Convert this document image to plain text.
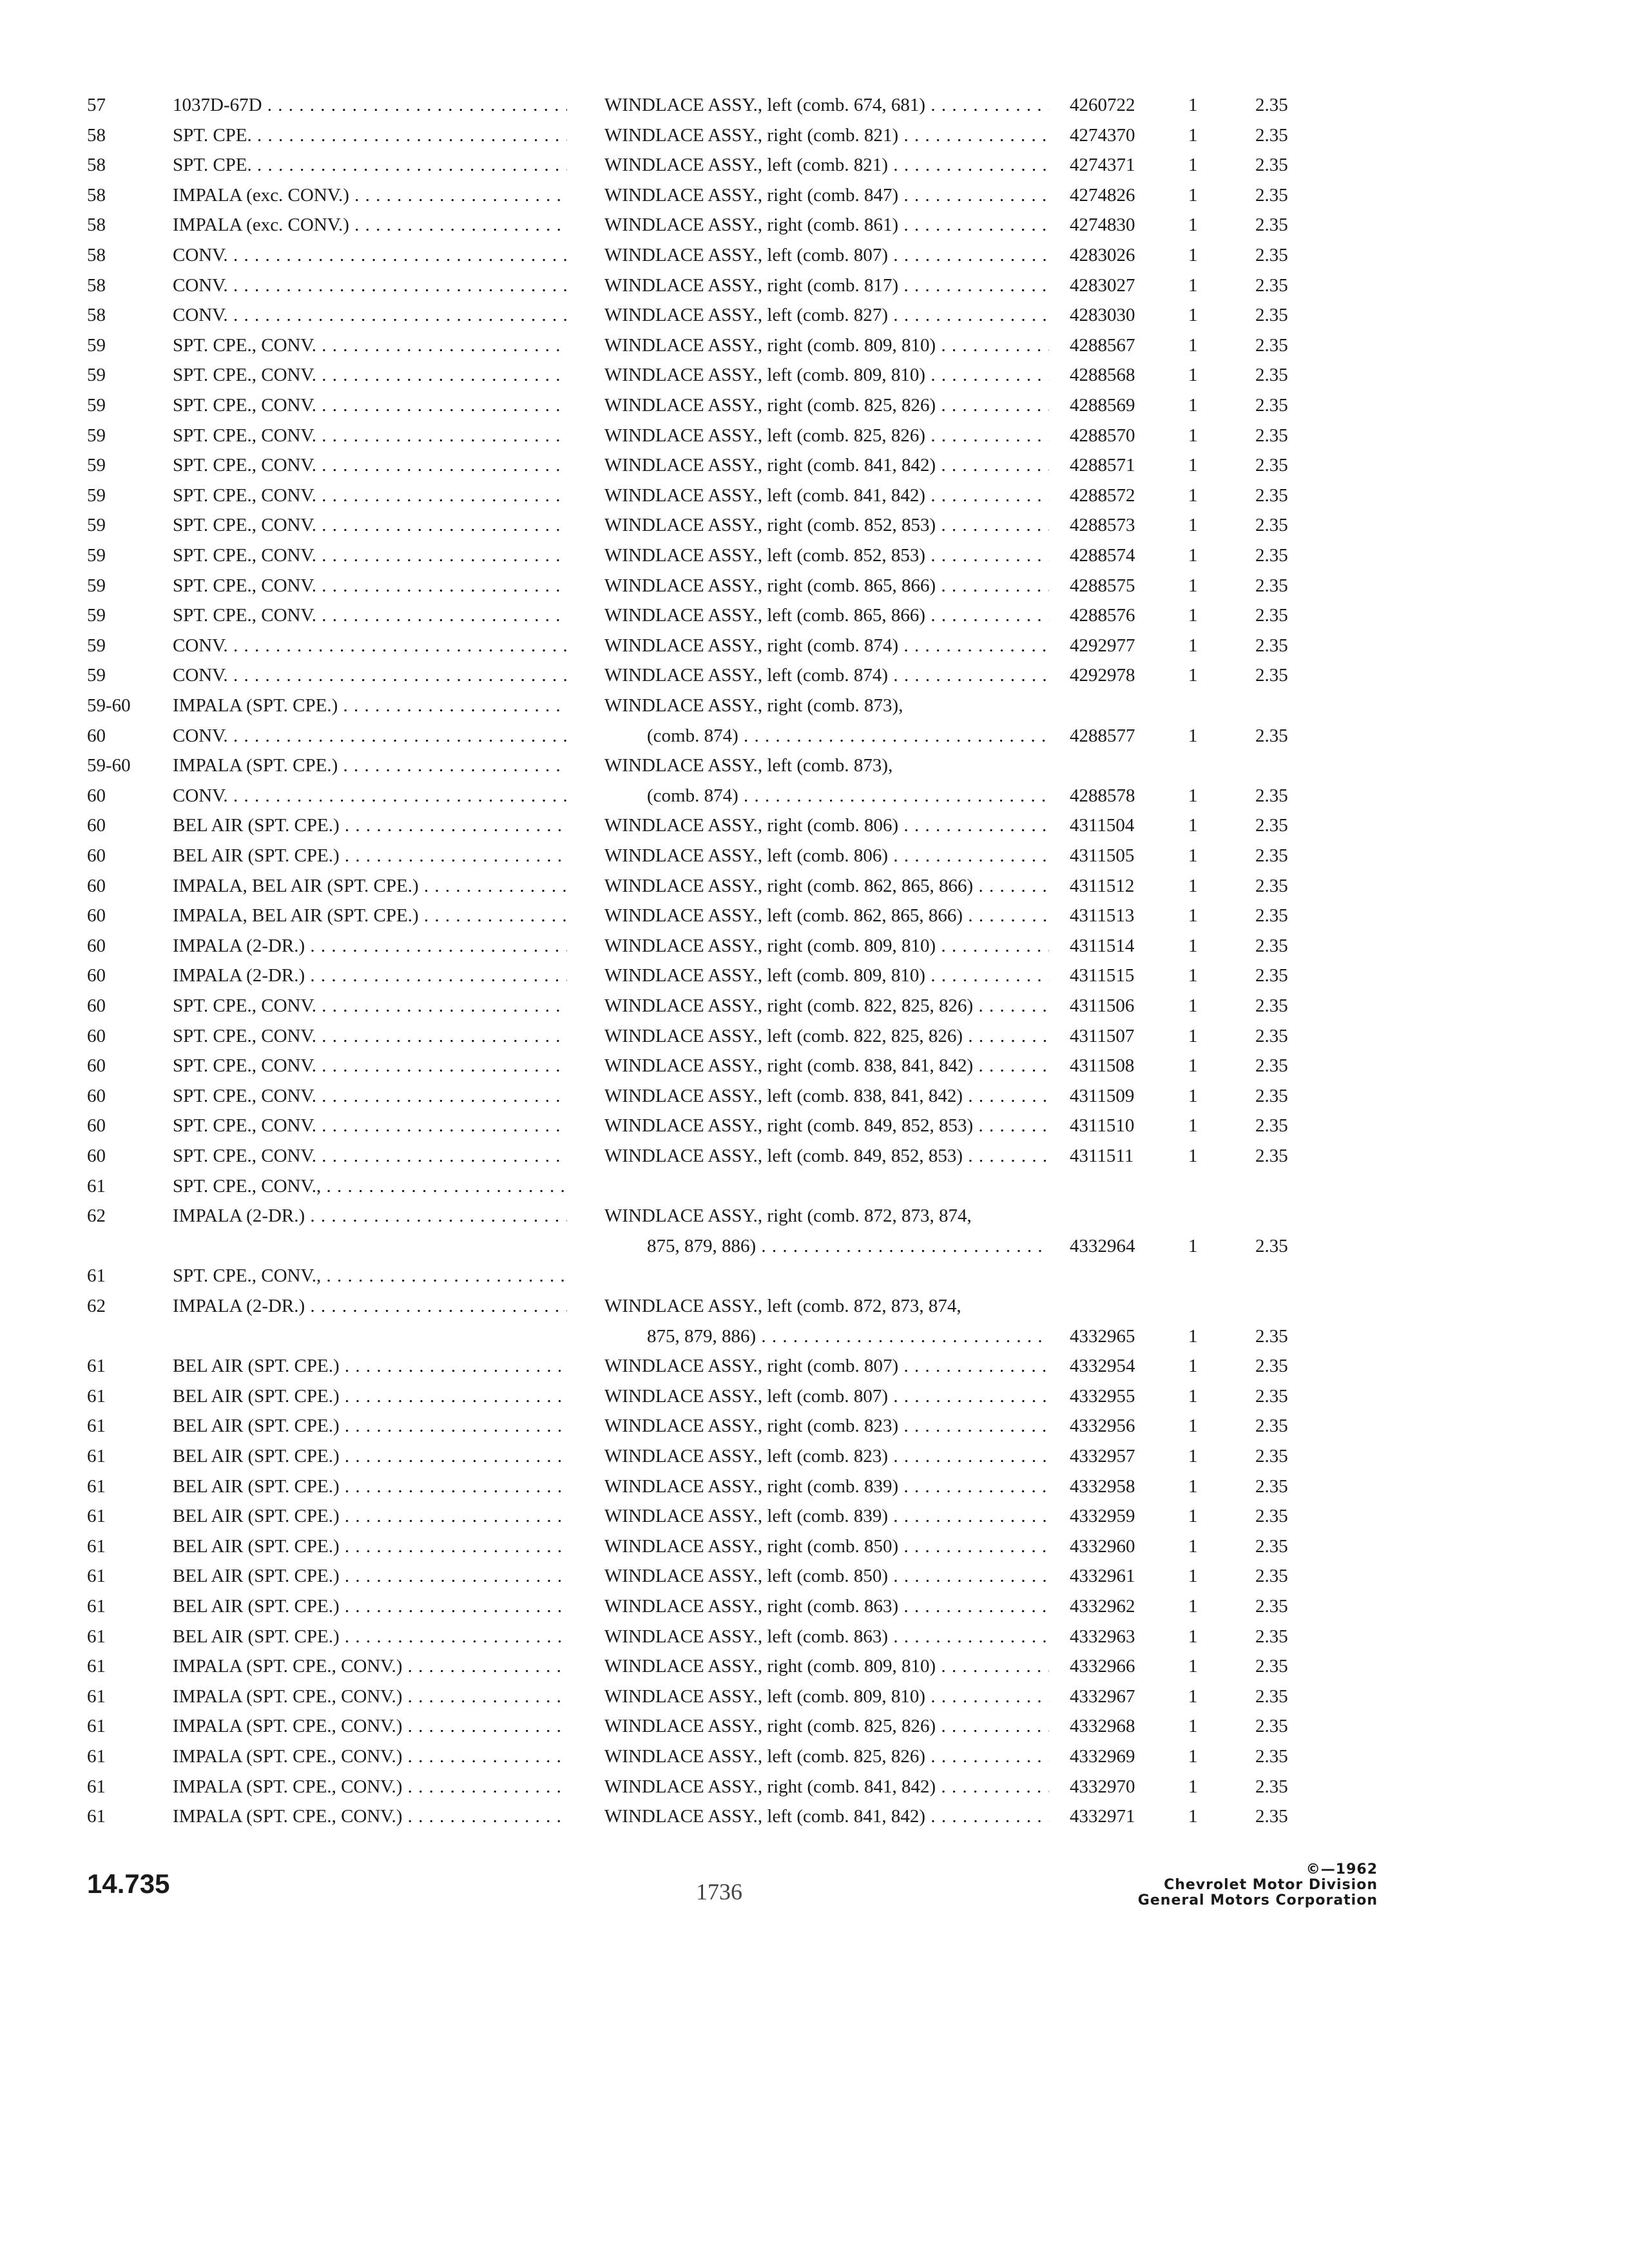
57	1037D-67D . . .	WINDLACE ASSY., left (comb. 674, 681) . . .	4260722	1	2.35
58	SPT. CPE. . . .	WINDLACE ASSY., right (comb. 821) . . .	4274370	1	2.35
58	SPT. CPE. . . .	WINDLACE ASSY., left (comb. 821) . . .	4274371	1	2.35
58	IMPALA (exc. CONV.) . . .	WINDLACE ASSY., right (comb. 847) . . .	4274826	1	2.35
58	IMPALA (exc. CONV.) . . .	WINDLACE ASSY., right (comb. 861) . . .	4274830	1	2.35
58	CONV. . . .	WINDLACE ASSY., left (comb. 807) . . .	4283026	1	2.35
58	CONV. . . .	WINDLACE ASSY., right (comb. 817) . . .	4283027	1	2.35
58	CONV. . . .	WINDLACE ASSY., left (comb. 827) . . .	4283030	1	2.35
59	SPT. CPE., CONV. . . .	WINDLACE ASSY., right (comb. 809, 810) . . .	4288567	1	2.35
59	SPT. CPE., CONV. . . .	WINDLACE ASSY., left (comb. 809, 810) . . .	4288568	1	2.35
59	SPT. CPE., CONV. . . .	WINDLACE ASSY., right (comb. 825, 826) . . .	4288569	1	2.35
59	SPT. CPE., CONV. . . .	WINDLACE ASSY., left (comb. 825, 826) . . .	4288570	1	2.35
59	SPT. CPE., CONV. . . .	WINDLACE ASSY., right (comb. 841, 842) . . .	4288571	1	2.35
59	SPT. CPE., CONV. . . .	WINDLACE ASSY., left (comb. 841, 842) . . .	4288572	1	2.35
59	SPT. CPE., CONV. . . .	WINDLACE ASSY., right (comb. 852, 853) . . .	4288573	1	2.35
59	SPT. CPE., CONV. . . .	WINDLACE ASSY., left (comb. 852, 853) . . .	4288574	1	2.35
59	SPT. CPE., CONV. . . .	WINDLACE ASSY., right (comb. 865, 866) . . .	4288575	1	2.35
59	SPT. CPE., CONV. . . .	WINDLACE ASSY., left (comb. 865, 866) . . .	4288576	1	2.35
59	CONV. . . .	WINDLACE ASSY., right (comb. 874) . . .	4292977	1	2.35
59	CONV. . . .	WINDLACE ASSY., left (comb. 874) . . .	4292978	1	2.35
59-60	IMPALA (SPT. CPE.) . . .	WINDLACE ASSY., right (comb. 873),
60	CONV. . . .	(comb. 874) . . .	4288577	1	2.35
59-60	IMPALA (SPT. CPE.) . . .	WINDLACE ASSY., left (comb. 873),
60	CONV. . . .	(comb. 874) . . .	4288578	1	2.35
60	BEL AIR (SPT. CPE.) . . .	WINDLACE ASSY., right (comb. 806) . . .	4311504	1	2.35
60	BEL AIR (SPT. CPE.) . . .	WINDLACE ASSY., left (comb. 806) . . .	4311505	1	2.35
60	IMPALA, BEL AIR (SPT. CPE.) . . .	WINDLACE ASSY., right (comb. 862, 865, 866) . . .	4311512	1	2.35
60	IMPALA, BEL AIR (SPT. CPE.) . . .	WINDLACE ASSY., left (comb. 862, 865, 866) . . .	4311513	1	2.35
60	IMPALA (2-DR.) . . .	WINDLACE ASSY., right (comb. 809, 810) . . .	4311514	1	2.35
60	IMPALA (2-DR.) . . .	WINDLACE ASSY., left (comb. 809, 810) . . .	4311515	1	2.35
60	SPT. CPE., CONV. . . .	WINDLACE ASSY., right (comb. 822, 825, 826) . . .	4311506	1	2.35
60	SPT. CPE., CONV. . . .	WINDLACE ASSY., left (comb. 822, 825, 826) . . .	4311507	1	2.35
60	SPT. CPE., CONV. . . .	WINDLACE ASSY., right (comb. 838, 841, 842) . . .	4311508	1	2.35
60	SPT. CPE., CONV. . . .	WINDLACE ASSY., left (comb. 838, 841, 842) . . .	4311509	1	2.35
60	SPT. CPE., CONV. . . .	WINDLACE ASSY., right (comb. 849, 852, 853) . . .	4311510	1	2.35
60	SPT. CPE., CONV. . . .	WINDLACE ASSY., left (comb. 849, 852, 853) . . .	4311511	1	2.35
61	SPT. CPE., CONV., . . .
62	IMPALA (2-DR.) . . .	WINDLACE ASSY., right (comb. 872, 873, 874,
875, 879, 886) . . .	4332964	1	2.35
61	SPT. CPE., CONV., . . .
62	IMPALA (2-DR.) . . .	WINDLACE ASSY., left (comb. 872, 873, 874,
875, 879, 886) . . .	4332965	1	2.35
61	BEL AIR (SPT. CPE.) . . .	WINDLACE ASSY., right (comb. 807) . . .	4332954	1	2.35
61	BEL AIR (SPT. CPE.) . . .	WINDLACE ASSY., left (comb. 807) . . .	4332955	1	2.35
61	BEL AIR (SPT. CPE.) . . .	WINDLACE ASSY., right (comb. 823) . . .	4332956	1	2.35
61	BEL AIR (SPT. CPE.) . . .	WINDLACE ASSY., left (comb. 823) . . .	4332957	1	2.35
61	BEL AIR (SPT. CPE.) . . .	WINDLACE ASSY., right (comb. 839) . . .	4332958	1	2.35
61	BEL AIR (SPT. CPE.) . . .	WINDLACE ASSY., left (comb. 839) . . .	4332959	1	2.35
61	BEL AIR (SPT. CPE.) . . .	WINDLACE ASSY., right (comb. 850) . . .	4332960	1	2.35
61	BEL AIR (SPT. CPE.) . . .	WINDLACE ASSY., left (comb. 850) . . .	4332961	1	2.35
61	BEL AIR (SPT. CPE.) . . .	WINDLACE ASSY., right (comb. 863) . . .	4332962	1	2.35
61	BEL AIR (SPT. CPE.) . . .	WINDLACE ASSY., left (comb. 863) . . .	4332963	1	2.35
61	IMPALA (SPT. CPE., CONV.) . . .	WINDLACE ASSY., right (comb. 809, 810) . . .	4332966	1	2.35
61	IMPALA (SPT. CPE., CONV.) . . .	WINDLACE ASSY., left (comb. 809, 810) . . .	4332967	1	2.35
61	IMPALA (SPT. CPE., CONV.) . . .	WINDLACE ASSY., right (comb. 825, 826) . . .	4332968	1	2.35
61	IMPALA (SPT. CPE., CONV.) . . .	WINDLACE ASSY., left (comb. 825, 826) . . .	4332969	1	2.35
61	IMPALA (SPT. CPE., CONV.) . . .	WINDLACE ASSY., right (comb. 841, 842) . . .	4332970	1	2.35
61	IMPALA (SPT. CPE., CONV.) . . .	WINDLACE ASSY., left (comb. 841, 842) . . .	4332971	1	2.35
14.735	1736
©—1962
Chevrolet Motor Division
General Motors Corporation
